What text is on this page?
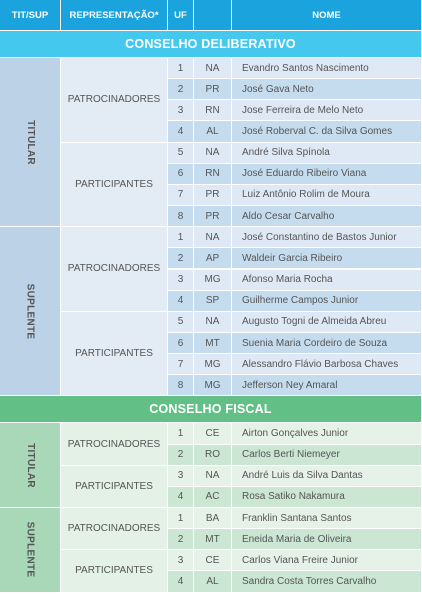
TIT/SUP	REPRESENTAÇÃO*	UF	NOME
CONSELHO DELIBERATIVO
TITULAR
PATROCINADORES
1	NA	Evandro Santos Nascimento
2	PR	José Gava Neto
3	RN	Jose Ferreira de Melo Neto
4	AL	José Roberval C. da Silva Gomes
PARTICIPANTES
5	NA	André Silva Spínola
6	RN	José Eduardo Ribeiro Viana
7	PR	Luiz Antônio Rolim de Moura
8	PR	Aldo Cesar Carvalho
SUPLENTE
PATROCINADORES
1	NA	José Constantino de Bastos Junior
2	AP	Waldeir Garcia Ribeiro
3	MG	Afonso Maria Rocha
4	SP	Guilherme Campos Junior
PARTICIPANTES
5	NA	Augusto Togni de Almeida Abreu
6	MT	Suenia Maria Cordeiro de Souza
7	MG	Alessandro Flávio Barbosa Chaves
8	MG	Jefferson Ney Amaral
CONSELHO FISCAL
TITULAR	PATROCINADORES
1	CE	Airton Gonçalves Junior
2	RO	Carlos Berti Niemeyer
PARTICIPANTES
3	NA	André Luis da Silva Dantas
4	AC	Rosa Satiko Nakamura
SUPLENTE	PATROCINADORES
1	BA	Franklin Santana Santos
2	MT	Eneida Maria de Oliveira
PARTICIPANTES
3	CE	Carlos Viana Freire Junior
4	AL	Sandra Costa Torres Carvalho
